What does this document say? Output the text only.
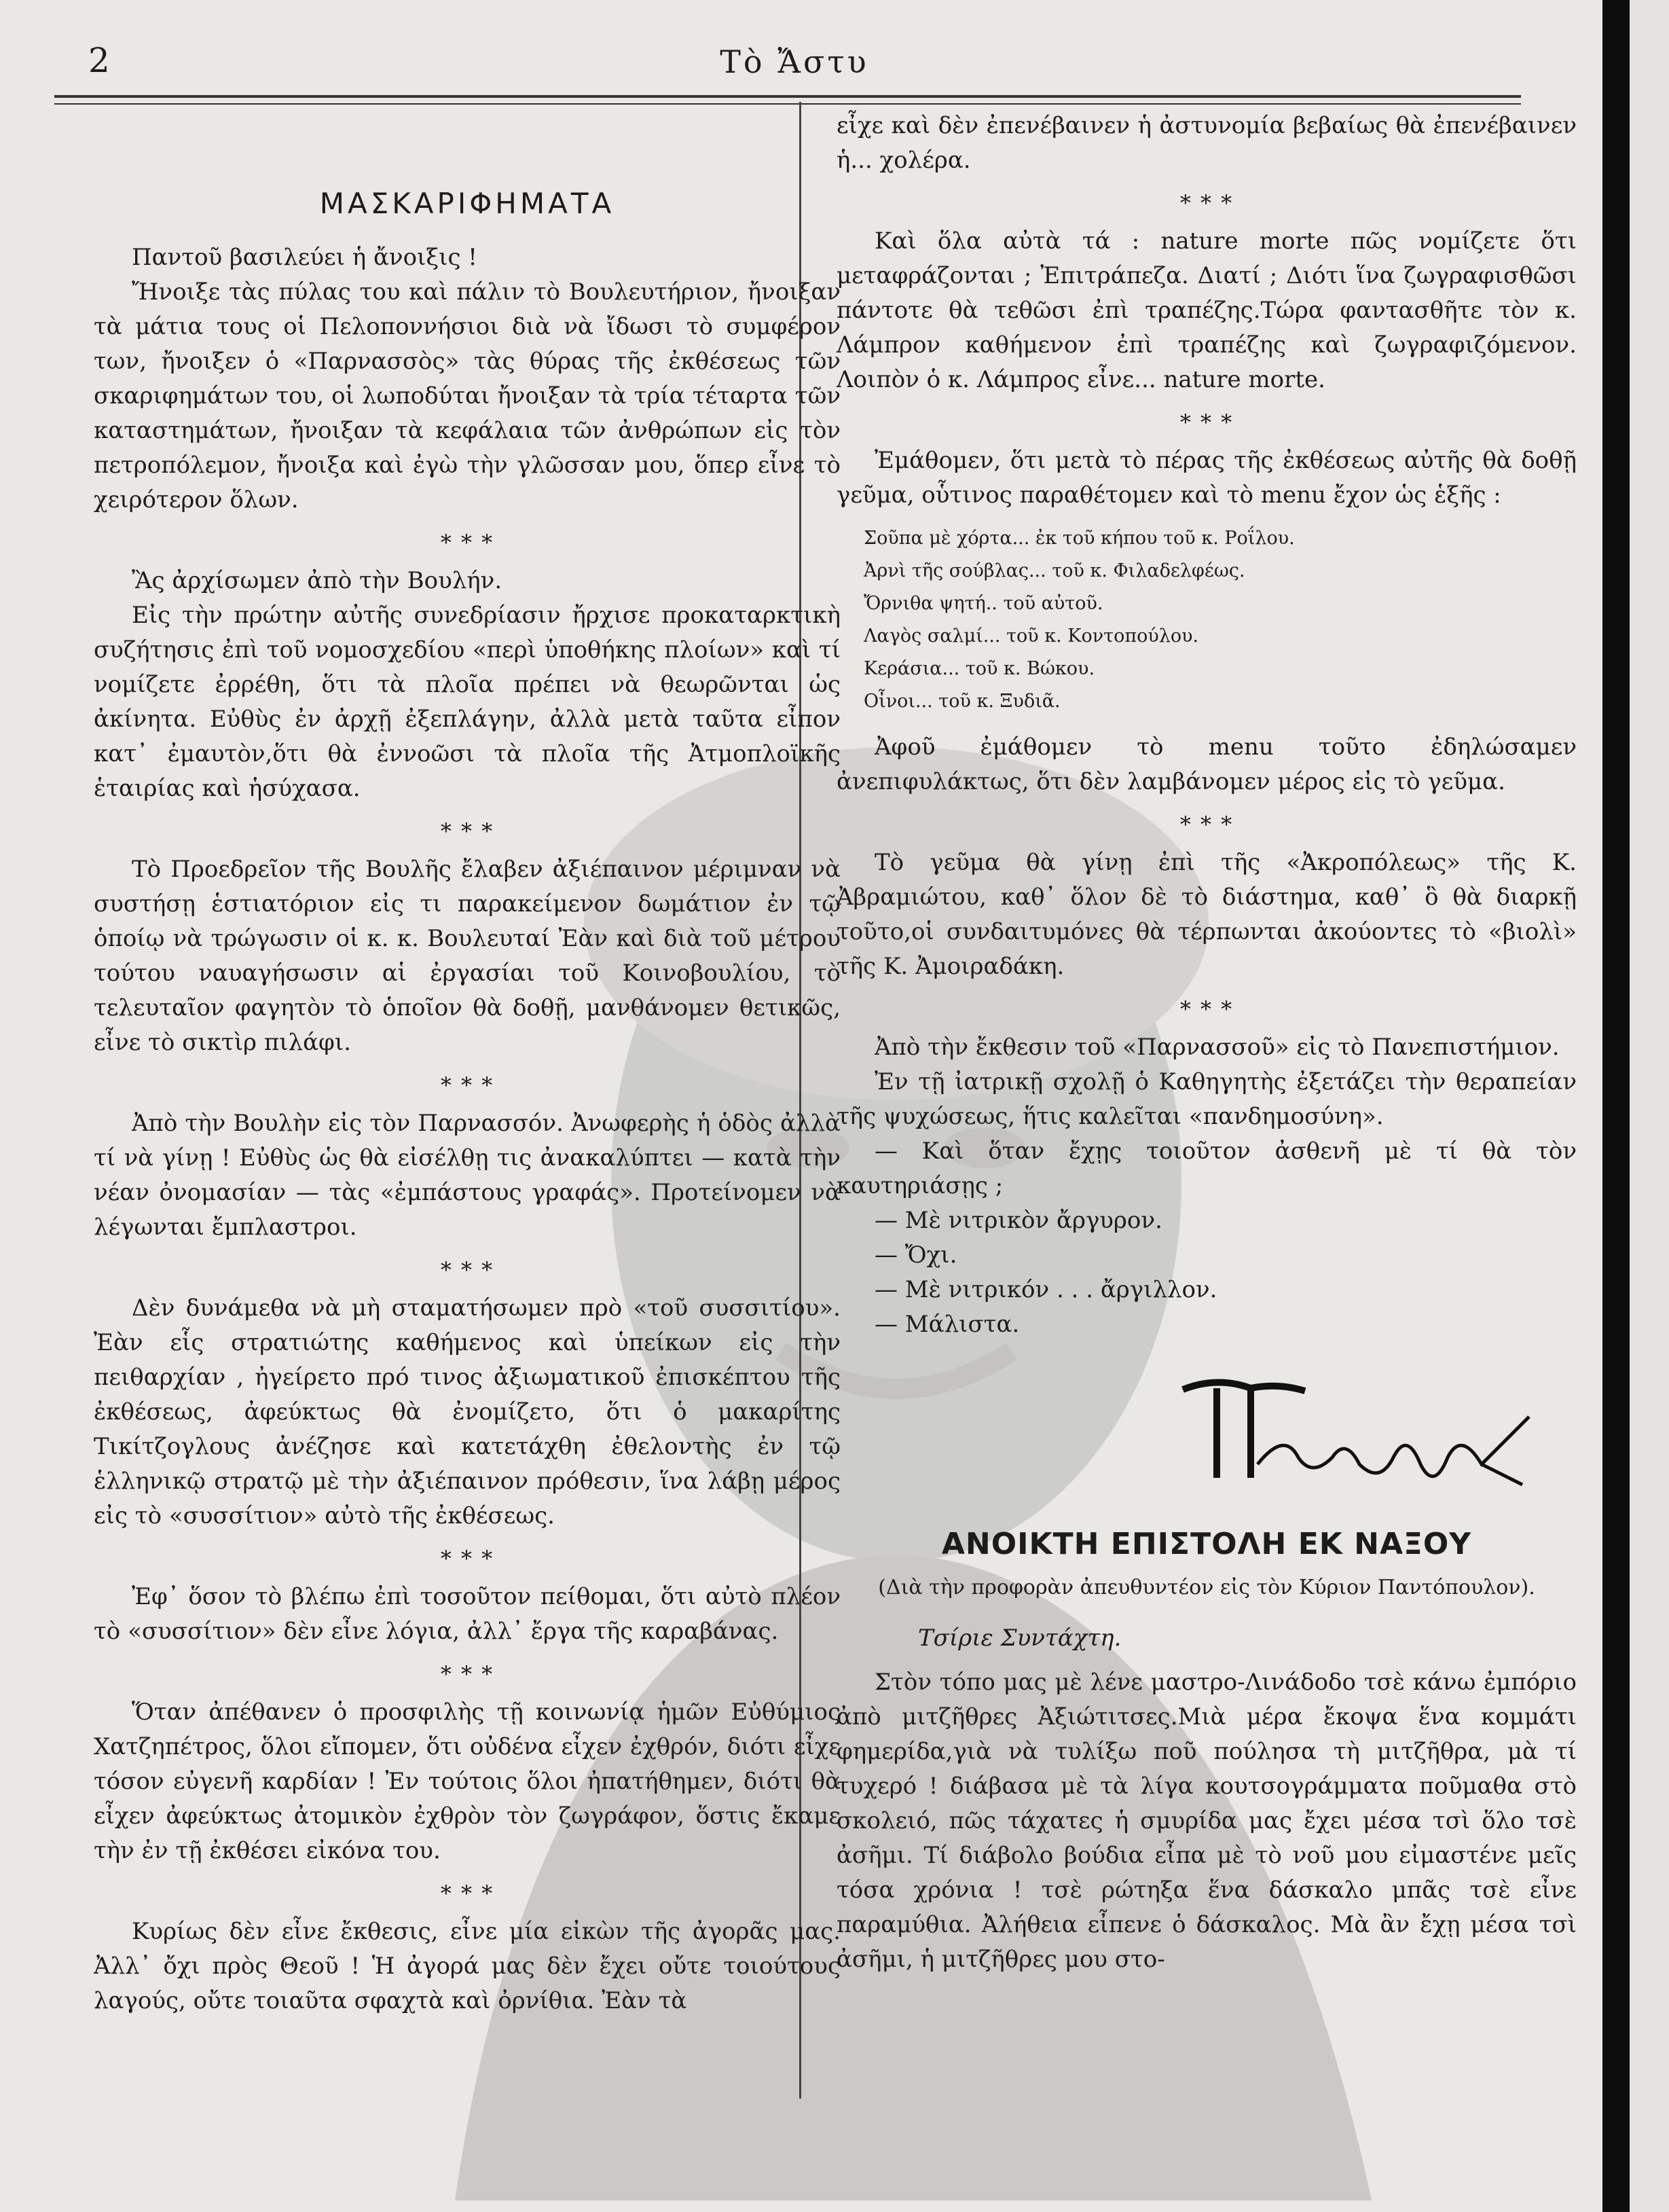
2	Τὸ Ἄστυ
ΜΑΣΚΑΡΙΦΗΜΑΤΑ

Παντοῦ βασιλεύει ἡ ἄνοιξις !

Ἤνοιξε τὰς πύλας του καὶ πάλιν τὸ Βουλευτήριον, ἤνοιξαν τὰ μάτια τους οἱ Πελοποννήσιοι διὰ νὰ ἴδωσι τὸ συμφέρον των, ἤνοιξεν ὁ «Παρνασσὸς» τὰς θύρας τῆς ἐκθέσεως τῶν σκαριφημάτων του, οἱ λωποδύται ἤνοιξαν τὰ τρία τέταρτα τῶν καταστημάτων, ἤνοιξαν τὰ κεφάλαια τῶν ἀνθρώπων εἰς τὸν πετροπόλεμον, ἤνοιξα καὶ ἐγὼ τὴν γλῶσσαν μου, ὅπερ εἶνε τὸ χειρότερον ὅλων.

* * *

Ἂς ἀρχίσωμεν ἀπὸ τὴν Βουλήν.

Εἰς τὴν πρώτην αὐτῆς συνεδρίασιν ἤρχισε προκαταρκτικὴ συζήτησις ἐπὶ τοῦ νομοσχεδίου «περὶ ὑποθήκης πλοίων» καὶ τί νομίζετε ἐρρέθη, ὅτι τὰ πλοῖα πρέπει νὰ θεωρῶνται ὡς ἀκίνητα. Εὐθὺς ἐν ἀρχῇ ἐξεπλάγην, ἀλλὰ μετὰ ταῦτα εἶπον κατ᾽ ἐμαυτὸν,ὅτι θὰ ἐννοῶσι τὰ πλοῖα τῆς Ἀτμοπλοϊκῆς ἑταιρίας καὶ ἡσύχασα.

* * *

Τὸ Προεδρεῖον τῆς Βουλῆς ἔλαβεν ἀξιέπαινον μέριμναν νὰ συστήσῃ ἑστιατόριον εἰς τι παρακείμενον δωμάτιον ἐν τῷ ὁποίῳ νὰ τρώγωσιν οἱ κ. κ. Βουλευταί Ἐὰν καὶ διὰ τοῦ μέτρου τούτου ναυαγήσωσιν αἱ ἐργασίαι τοῦ Κοινοβουλίου, τὸ τελευταῖον φαγητὸν τὸ ὁποῖον θὰ δοθῇ, μανθάνομεν θετικῶς, εἶνε τὸ σικτὶρ πιλάφι.

* * *

Ἀπὸ τὴν Βουλὴν εἰς τὸν Παρνασσόν. Ἀνωφερὴς ἡ ὁδὸς ἀλλὰ τί νὰ γίνῃ ! Εὐθὺς ὡς θὰ εἰσέλθῃ τις ἀνακαλύπτει — κατὰ τὴν νέαν ὀνομασίαν — τὰς «ἐμπάστους γραφάς». Προτείνομεν νὰ λέγωνται ἔμπλαστροι.

* * *

Δὲν δυνάμεθα νὰ μὴ σταματήσωμεν πρὸ «τοῦ συσσιτίου». Ἐὰν εἷς στρατιώτης καθήμενος καὶ ὑπείκων εἰς τὴν πειθαρχίαν , ἠγείρετο πρό τινος ἀξιωματικοῦ ἐπισκέπτου τῆς ἐκθέσεως, ἀφεύκτως θὰ ἐνομίζετο, ὅτι ὁ μακαρίτης Τικίτζογλους ἀνέζησε καὶ κατετάχθη ἐθελοντὴς ἐν τῷ ἑλληνικῷ στρατῷ μὲ τὴν ἀξιέπαινον πρόθεσιν, ἵνα λάβῃ μέρος εἰς τὸ «συσσίτιον» αὐτὸ τῆς ἐκθέσεως.

* * *

Ἐφ᾽ ὅσον τὸ βλέπω ἐπὶ τοσοῦτον πείθομαι, ὅτι αὐτὸ πλέον τὸ «συσσίτιον» δὲν εἶνε λόγια, ἀλλ᾽ ἔργα τῆς καραβάνας.

* * *

Ὅταν ἀπέθανεν ὁ προσφιλὴς τῇ κοινωνίᾳ ἡμῶν Εὐθύμιος Χατζηπέτρος, ὅλοι εἴπομεν, ὅτι οὐδένα εἶχεν ἐχθρόν, διότι εἶχε τόσον εὐγενῆ καρδίαν ! Ἐν τούτοις ὅλοι ἠπατήθημεν, διότι θὰ εἶχεν ἀφεύκτως ἀτομικὸν ἐχθρὸν τὸν ζωγράφον, ὅστις ἔκαμε τὴν ἐν τῇ ἐκθέσει εἰκόνα του.

* * *

Κυρίως δὲν εἶνε ἔκθεσις, εἶνε μία εἰκὼν τῆς ἀγορᾶς μας. Ἀλλ᾽ ὄχι πρὸς Θεοῦ ! Ἡ ἀγορά μας δὲν ἔχει οὔτε τοιούτους λαγούς, οὔτε τοιαῦτα σφαχτὰ καὶ ὀρνίθια. Ἐὰν τὰ

εἶχε καὶ δὲν ἐπενέβαινεν ἡ ἀστυνομία βεβαίως θὰ ἐπενέβαινεν ἡ... χολέρα.

* * *

Καὶ ὅλα αὐτὰ τά : nature morte πῶς νομίζετε ὅτι μεταφράζονται ; Ἐπιτράπεζα. Διατί ; Διότι ἵνα ζωγραφισθῶσι πάντοτε θὰ τεθῶσι ἐπὶ τραπέζης.Τώρα φαντασθῆτε τὸν κ. Λάμπρον καθήμενον ἐπὶ τραπέζης καὶ ζωγραφιζόμενον. Λοιπὸν ὁ κ. Λάμπρος εἶνε... nature morte.

* * *

Ἐμάθομεν, ὅτι μετὰ τὸ πέρας τῆς ἐκθέσεως αὐτῆς θὰ δοθῇ γεῦμα, οὗτινος παραθέτομεν καὶ τὸ menu ἔχον ὡς ἑξῆς :

Σοῦπα μὲ χόρτα... ἐκ τοῦ κήπου τοῦ κ. Ροΐλου.
Ἀρνὶ τῆς σούβλας... τοῦ κ. Φιλαδελφέως.
Ὄρνιθα ψητή.. τοῦ αὐτοῦ.
Λαγὸς σαλμί... τοῦ κ. Κοντοπούλου.
Κεράσια... τοῦ κ. Βώκου.
Οἶνοι... τοῦ κ. Ξυδιᾶ.

Ἀφοῦ ἐμάθομεν τὸ menu τοῦτο ἐδηλώσαμεν ἀνεπιφυλάκτως, ὅτι δὲν λαμβάνομεν μέρος εἰς τὸ γεῦμα.

* * *

Τὸ γεῦμα θὰ γίνῃ ἐπὶ τῆς «Ἀκροπόλεως» τῆς Κ. Ἀβραμιώτου, καθ᾽ ὅλον δὲ τὸ διάστημα, καθ᾽ ὃ θὰ διαρκῇ τοῦτο,οἱ συνδαιτυμόνες θὰ τέρπωνται ἀκούοντες τὸ «βιολὶ» τῆς Κ. Ἀμοιραδάκη.

* * *

Ἀπὸ τὴν ἔκθεσιν τοῦ «Παρνασσοῦ» εἰς τὸ Πανεπιστήμιον.

Ἐν τῇ ἰατρικῇ σχολῇ ὁ Καθηγητὴς ἐξετάζει τὴν θεραπείαν τῆς ψυχώσεως, ἥτις καλεῖται «πανδημοσύνη».

— Καὶ ὅταν ἔχῃς τοιοῦτον ἀσθενῆ μὲ τί θὰ τὸν καυτηριάσῃς ;

— Μὲ νιτρικὸν ἄργυρον.

— Ὄχι.

— Μὲ νιτρικόν . . . ἄργιλλον.

— Μάλιστα.

ΑΝΟΙΚΤΗ ΕΠΙΣΤΟΛΗ ΕΚ ΝΑΞΟΥ
(Διὰ τὴν προφορὰν ἀπευθυντέον εἰς τὸν Κύριον Παντόπουλον).
Τσίριε Συντάχτη.

Στὸν τόπο μας μὲ λένε μαστρο-Λινάδοδο τσὲ κάνω ἐμπόριο ἀπὸ μιτζῆθρες Ἀξιώτιτσες.Μιὰ μέρα ἔκοψα ἕνα κομμάτι φημερίδα,γιὰ νὰ τυλίξω ποῦ πούλησα τὴ μιτζῆθρα, μὰ τί τυχερό ! διάβασα μὲ τὰ λίγα κουτσογράμματα ποῦμαθα στὸ σκολειό, πῶς τάχατες ἡ σμυρίδα μας ἔχει μέσα τσὶ ὅλο τσὲ ἀσῆμι. Τί διάβολο βούδια εἶπα μὲ τὸ νοῦ μου εἰμαστένε μεῖς τόσα χρόνια ! τσὲ ρώτηξα ἕνα δάσκαλο μπᾶς τσὲ εἶνε παραμύθια. Ἀλήθεια εἶπενε ὁ δάσκαλος. Μὰ ἂν ἔχῃ μέσα τσὶ ἀσῆμι, ἡ μιτζῆθρες μου στο-
